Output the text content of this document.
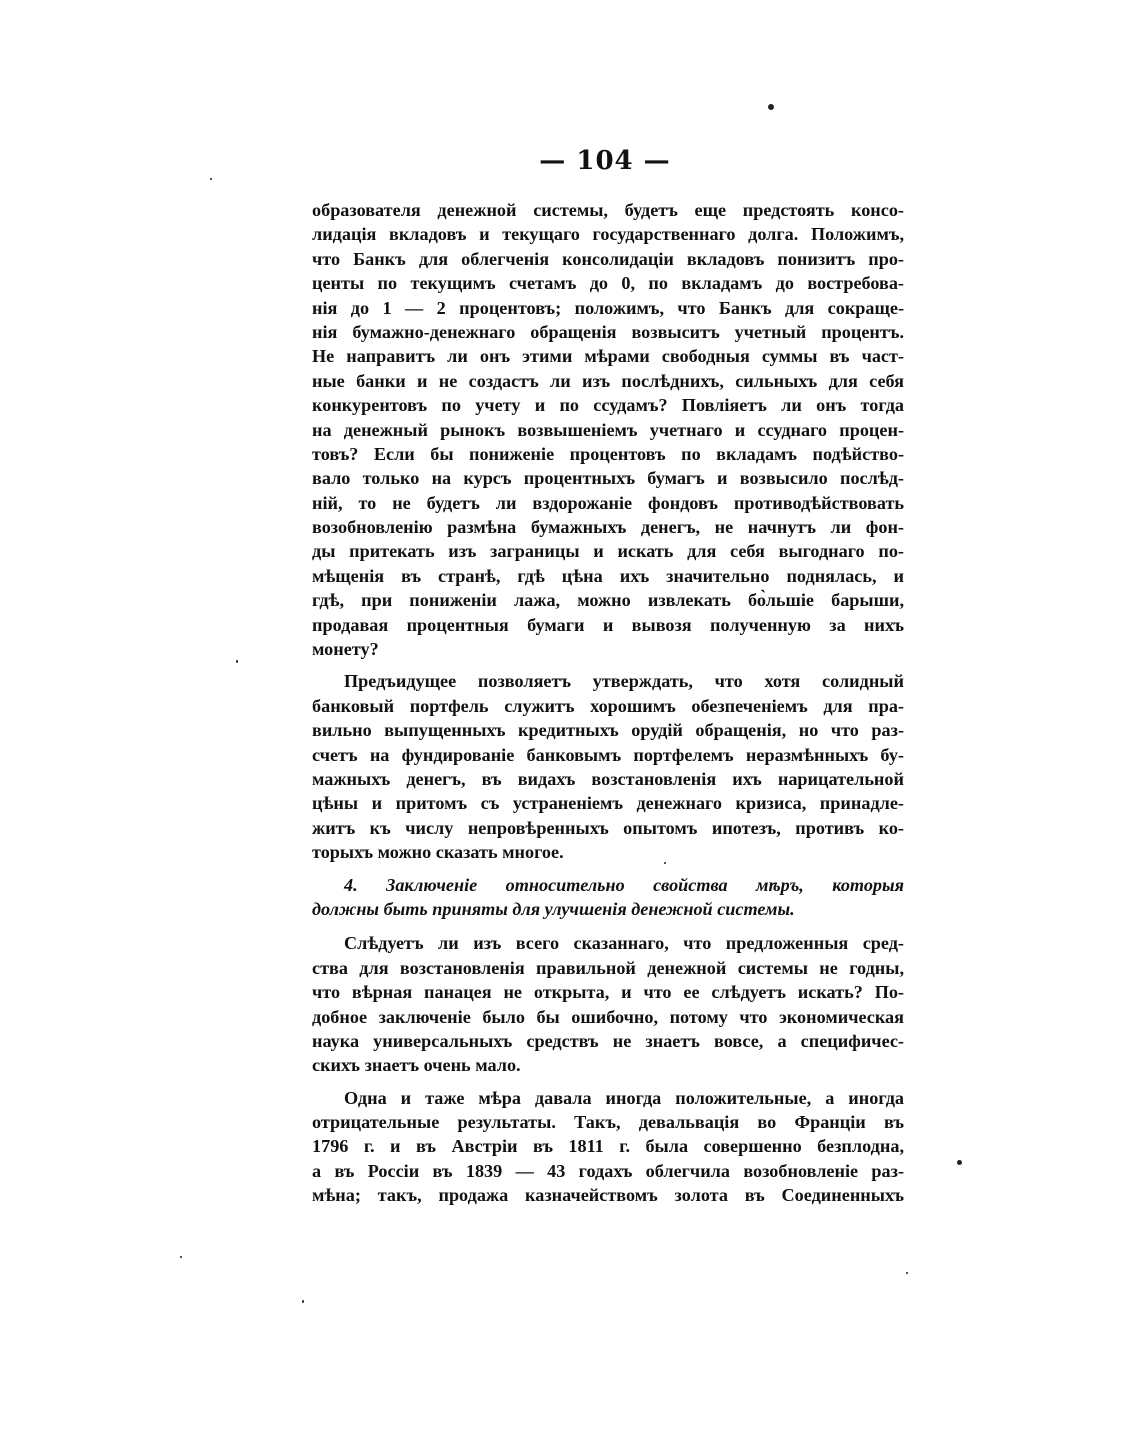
— 104 —
образователя денежной системы, будетъ еще предстоять консо-
лидація вкладовъ и текущаго государственнаго долга. Положимъ,
что Банкъ для облегченія консолидаціи вкладовъ понизитъ про-
центы по текущимъ счетамъ до 0, по вкладамъ до востребова-
нія до 1 — 2 процентовъ; положимъ, что Банкъ для сокраще-
нія бумажно-денежнаго обращенія возвыситъ учетный процентъ.
Не направитъ ли онъ этими мѣрами свободныя суммы въ част-
ные банки и не создастъ ли изъ послѣднихъ, сильныхъ для себя
конкурентовъ по учету и по ссудамъ? Повліяетъ ли онъ тогда
на денежный рынокъ возвышеніемъ учетнаго и ссуднаго процен-
товъ? Если бы пониженіе процентовъ по вкладамъ подѣйство-
вало только на курсъ процентныхъ бумагъ и возвысило послѣд-
ній, то не будетъ ли вздорожаніе фондовъ противодѣйствовать
возобновленію размѣна бумажныхъ денегъ, не начнутъ ли фон-
ды притекать изъ заграницы и искать для себя выгоднаго по-
мѣщенія въ странѣ, гдѣ цѣна ихъ значительно поднялась, и
гдѣ, при пониженіи лажа, можно извлекать бо̀льшіе барыши,
продавая процентныя бумаги и вывозя полученную за нихъ
монету?
Предъидущее позволяетъ утверждать, что хотя солидный
банковый портфель служитъ хорошимъ обезпеченіемъ для пра-
вильно выпущенныхъ кредитныхъ орудій обращенія, но что раз-
счетъ на фундированіе банковымъ портфелемъ неразмѣнныхъ бу-
мажныхъ денегъ, въ видахъ возстановленія ихъ нарицательной
цѣны и притомъ съ устраненіемъ денежнаго кризиса, принадле-
житъ къ числу непровѣренныхъ опытомъ ипотезъ, противъ ко-
торыхъ можно сказать многое.
4. Заключеніе относительно свойства мѣръ, которыя
должны быть приняты для улучшенія денежной системы.
Слѣдуетъ ли изъ всего сказаннаго, что предложенныя сред-
ства для возстановленія правильной денежной системы не годны,
что вѣрная панацея не открыта, и что ее слѣдуетъ искать? По-
добное заключеніе было бы ошибочно, потому что экономическая
наука универсальныхъ средствъ не знаетъ вовсе, а специфичес-
скихъ знаетъ очень мало.
Одна и таже мѣра давала иногда положительные, а иногда
отрицательные результаты. Такъ, девальвація во Франціи въ
1796 г. и въ Австріи въ 1811 г. была совершенно безплодна,
а въ Россіи въ 1839 — 43 годахъ облегчила возобновленіе раз-
мѣна; такъ, продажа казначействомъ золота въ Соединенныхъ
